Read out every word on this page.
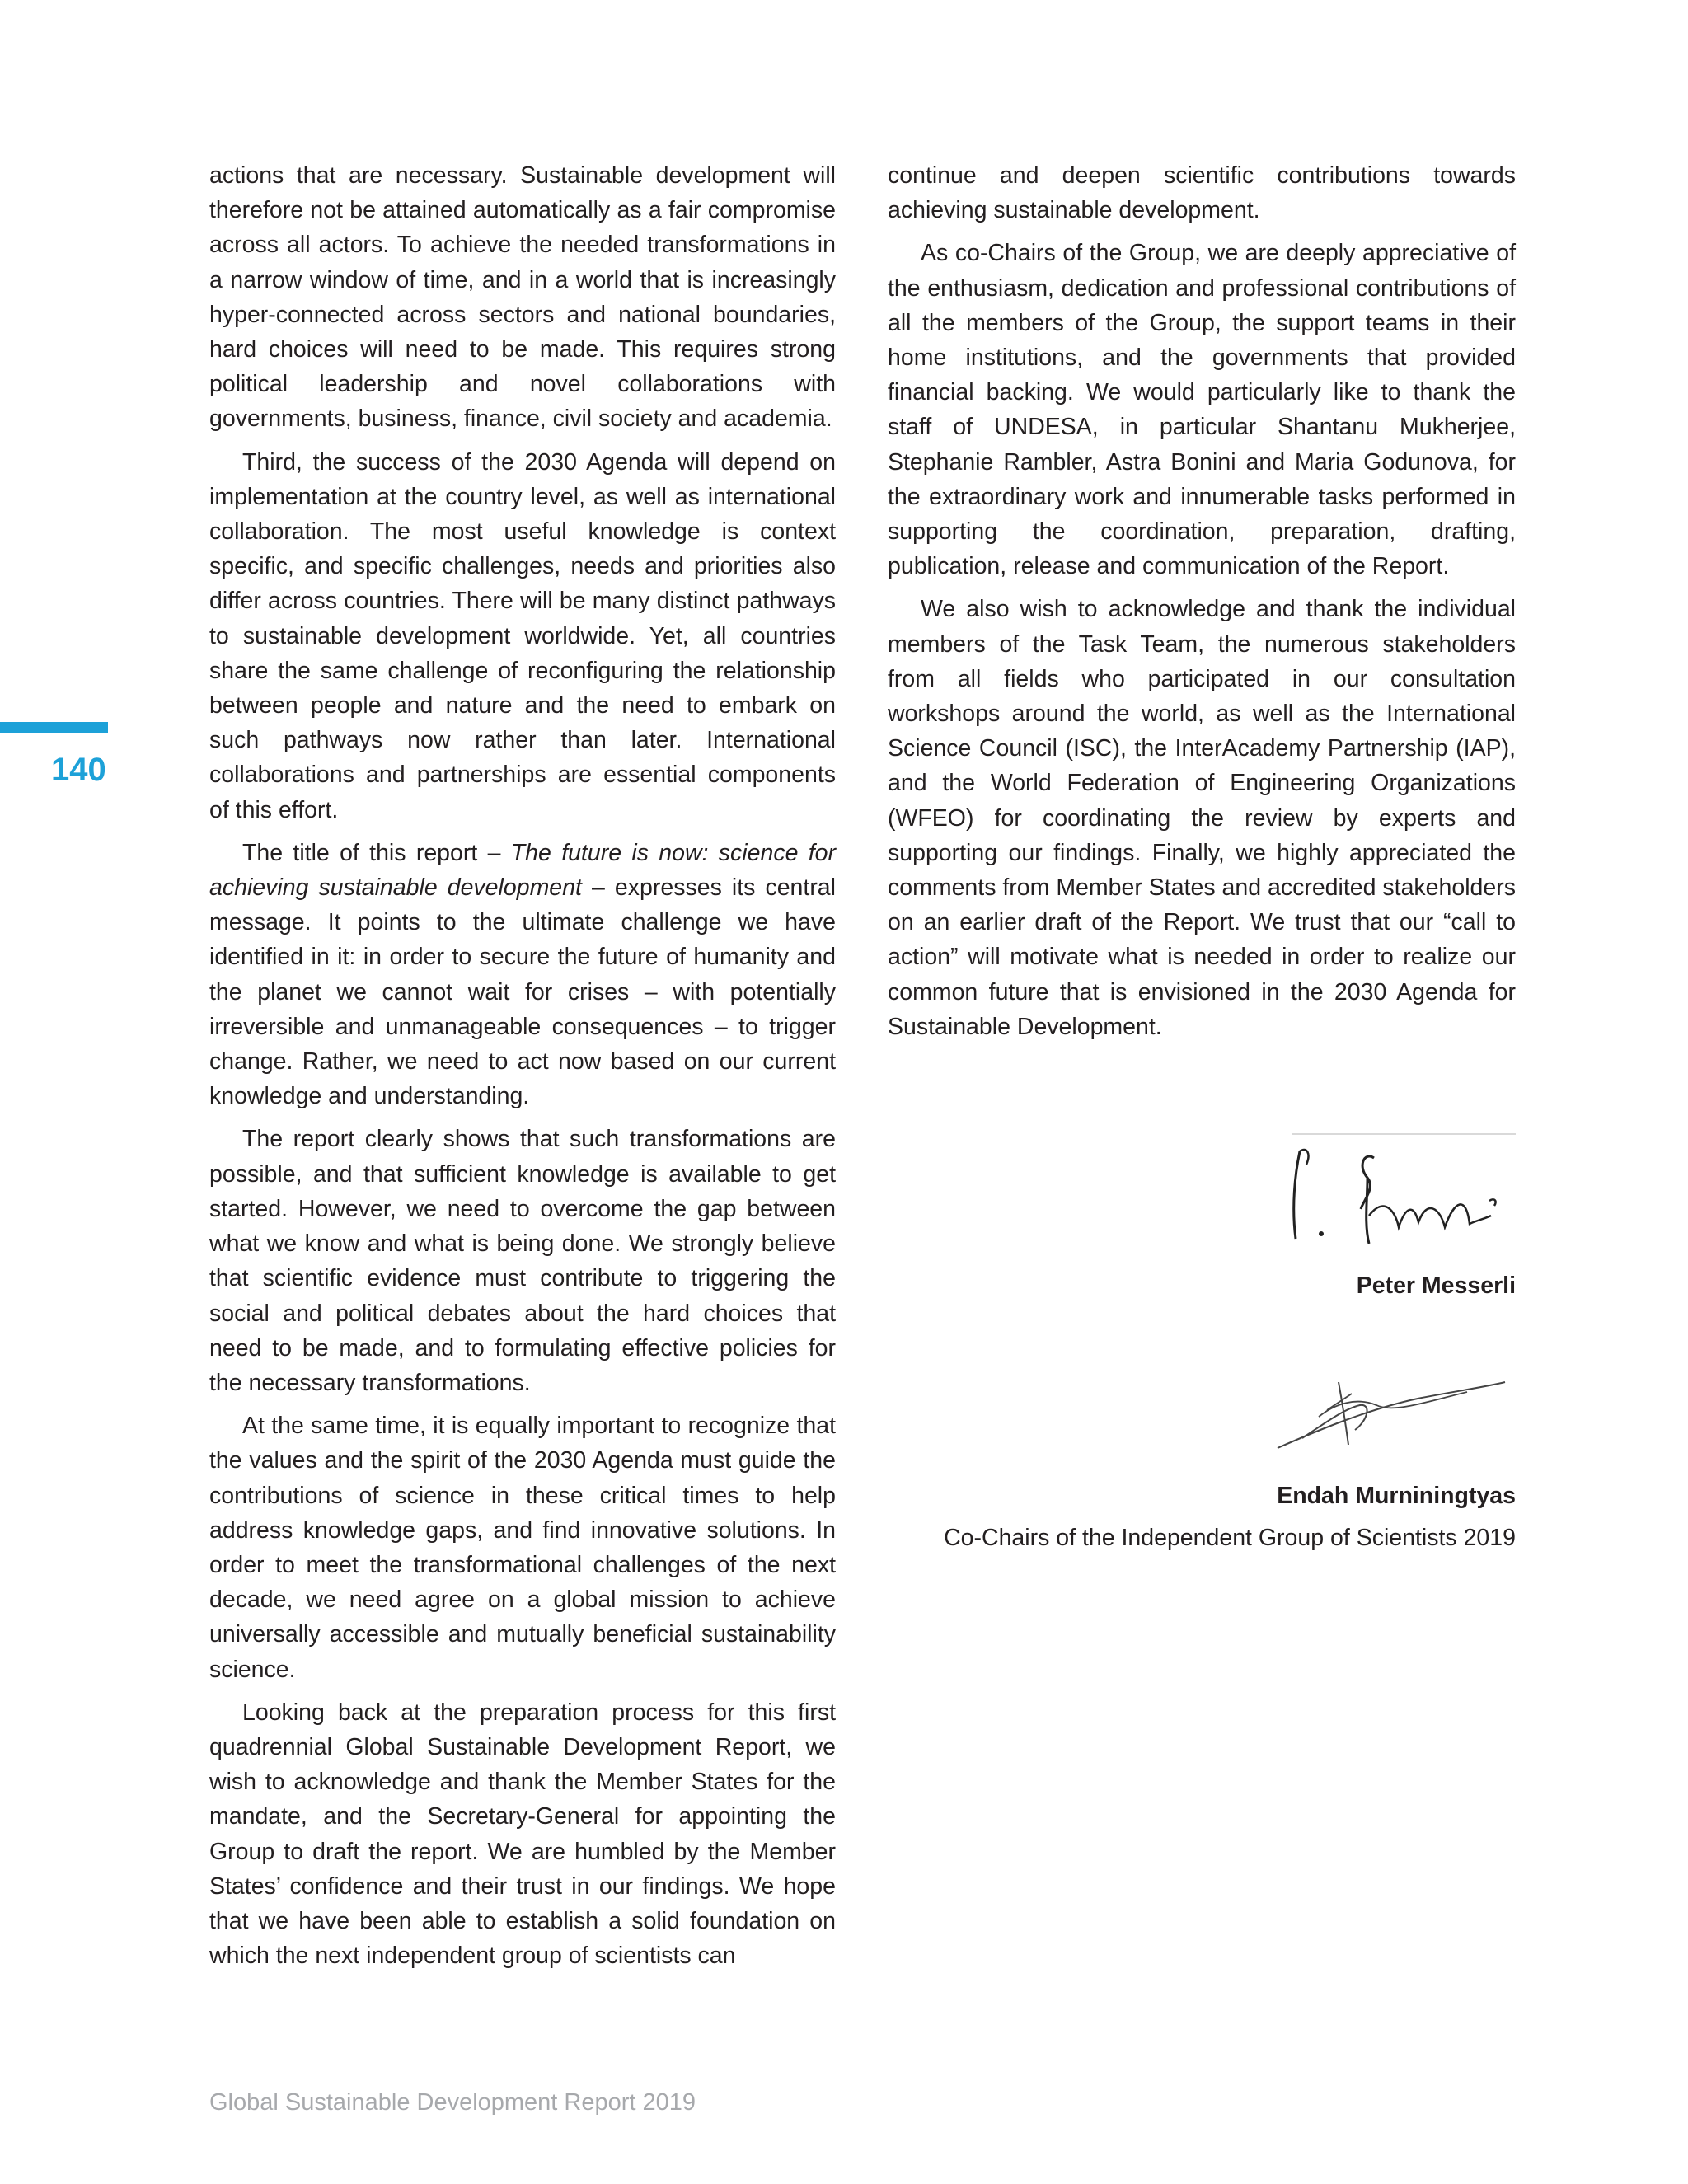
140

actions that are necessary. Sustainable development will therefore not be attained automatically as a fair compromise across all actors. To achieve the needed transformations in a narrow window of time, and in a world that is increasingly hyper-connected across sectors and national boundaries, hard choices will need to be made. This requires strong political leadership and novel collaborations with governments, business, finance, civil society and academia.

Third, the success of the 2030 Agenda will depend on implementation at the country level, as well as international collaboration. The most useful knowledge is context specific, and specific challenges, needs and priorities also differ across countries. There will be many distinct pathways to sustainable development worldwide. Yet, all countries share the same challenge of reconfiguring the relationship between people and nature and the need to embark on such pathways now rather than later. International collaborations and partnerships are essential components of this effort.

The title of this report – The future is now: science for achieving sustainable development – expresses its central message. It points to the ultimate challenge we have identified in it: in order to secure the future of humanity and the planet we cannot wait for crises – with potentially irreversible and unmanageable consequences – to trigger change. Rather, we need to act now based on our current knowledge and understanding.

The report clearly shows that such transformations are possible, and that sufficient knowledge is available to get started. However, we need to overcome the gap between what we know and what is being done. We strongly believe that scientific evidence must contribute to triggering the social and political debates about the hard choices that need to be made, and to formulating effective policies for the necessary transformations.

At the same time, it is equally important to recognize that the values and the spirit of the 2030 Agenda must guide the contributions of science in these critical times to help address knowledge gaps, and find innovative solutions. In order to meet the transformational challenges of the next decade, we need agree on a global mission to achieve universally accessible and mutually beneficial sustainability science.

Looking back at the preparation process for this first quadrennial Global Sustainable Development Report, we wish to acknowledge and thank the Member States for the mandate, and the Secretary-General for appointing the Group to draft the report. We are humbled by the Member States’ confidence and their trust in our findings. We hope that we have been able to establish a solid foundation on which the next independent group of scientists can

continue and deepen scientific contributions towards achieving sustainable development.

As co-Chairs of the Group, we are deeply appreciative of the enthusiasm, dedication and professional contributions of all the members of the Group, the support teams in their home institutions, and the governments that provided financial backing. We would particularly like to thank the staff of UNDESA, in particular Shantanu Mukherjee, Stephanie Rambler, Astra Bonini and Maria Godunova, for the extraordinary work and innumerable tasks performed in supporting the coordination, preparation, drafting, publication, release and communication of the Report.

We also wish to acknowledge and thank the individual members of the Task Team, the numerous stakeholders from all fields who participated in our consultation workshops around the world, as well as the International Science Council (ISC), the InterAcademy Partnership (IAP), and the World Federation of Engineering Organizations (WFEO) for coordinating the review by experts and supporting our findings. Finally, we highly appreciated the comments from Member States and accredited stakeholders on an earlier draft of the Report. We trust that our “call to action” will motivate what is needed in order to realize our common future that is envisioned in the 2030 Agenda for Sustainable Development.

Peter Messerli
Endah Murniningtyas
Co-Chairs of the Independent Group of Scientists 2019
Global Sustainable Development Report 2019
